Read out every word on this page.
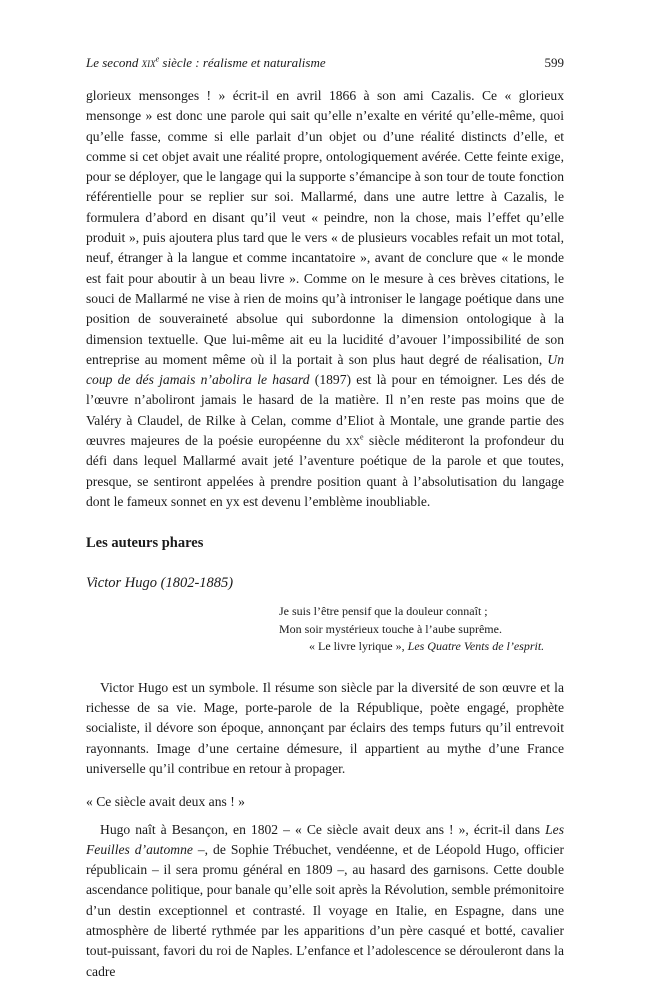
Le second xix$^e$ siècle : réalisme et naturalisme	599

glorieux mensonges ! » écrit-il en avril 1866 à son ami Cazalis. Ce « glorieux mensonge » est donc une parole qui sait qu’elle n’exalte en vérité qu’elle-même, quoi qu’elle fasse, comme si elle parlait d’un objet ou d’une réalité distincts d’elle, et comme si cet objet avait une réalité propre, ontologiquement avérée. Cette feinte exige, pour se déployer, que le langage qui la supporte s’émancipe à son tour de toute fonction référentielle pour se replier sur soi. Mallarmé, dans une autre lettre à Cazalis, le formulera d’abord en disant qu’il veut « peindre, non la chose, mais l’effet qu’elle produit », puis ajoutera plus tard que le vers « de plusieurs vocables refait un mot total, neuf, étranger à la langue et comme incantatoire », avant de conclure que « le monde est fait pour aboutir à un beau livre ». Comme on le mesure à ces brèves citations, le souci de Mallarmé ne vise à rien de moins qu’à introniser le langage poétique dans une position de souveraineté absolue qui subordonne la dimension ontologique à la dimension textuelle. Que lui-même ait eu la lucidité d’avouer l’impossibilité de son entreprise au moment même où il la portait à son plus haut degré de réalisation, Un coup de dés jamais n’abolira le hasard (1897) est là pour en témoigner. Les dés de l’œuvre n’aboliront jamais le hasard de la matière. Il n’en reste pas moins que de Valéry à Claudel, de Rilke à Celan, comme d’Eliot à Montale, une grande partie des œuvres majeures de la poésie européenne du $xx^e$ siècle méditeront la profondeur du défi dans lequel Mallarmé avait jeté l’aventure poétique de la parole et que toutes, presque, se sentiront appelées à prendre position quant à l’absolutisation du langage dont le fameux sonnet en yx est devenu l’emblème inoubliable.

Les auteurs phares
Victor Hugo (1802-1885)
Je suis l’être pensif que la douleur connaît ;
Mon soir mystérieux touche à l’aube suprême.
« Le livre lyrique », Les Quatre Vents de l’esprit.

Victor Hugo est un symbole. Il résume son siècle par la diversité de son œuvre et la richesse de sa vie. Mage, porte-parole de la République, poète engagé, prophète socialiste, il dévore son époque, annonçant par éclairs des temps futurs qu’il entrevoit rayonnants. Image d’une certaine démesure, il appartient au mythe d’une France universelle qu’il contribue en retour à propager.

« Ce siècle avait deux ans ! »

Hugo naît à Besançon, en 1802 – « Ce siècle avait deux ans ! », écrit-il dans Les Feuilles d’automne –, de Sophie Trébuchet, vendéenne, et de Léopold Hugo, officier républicain – il sera promu général en 1809 –, au hasard des garnisons. Cette double ascendance politique, pour banale qu’elle soit après la Révolution, semble prémonitoire d’un destin exceptionnel et contrasté. Il voyage en Italie, en Espagne, dans une atmosphère de liberté rythmée par les apparitions d’un père casqué et botté, cavalier tout-puissant, favori du roi de Naples. L’enfance et l’adolescence se dérouleront dans la cadre
